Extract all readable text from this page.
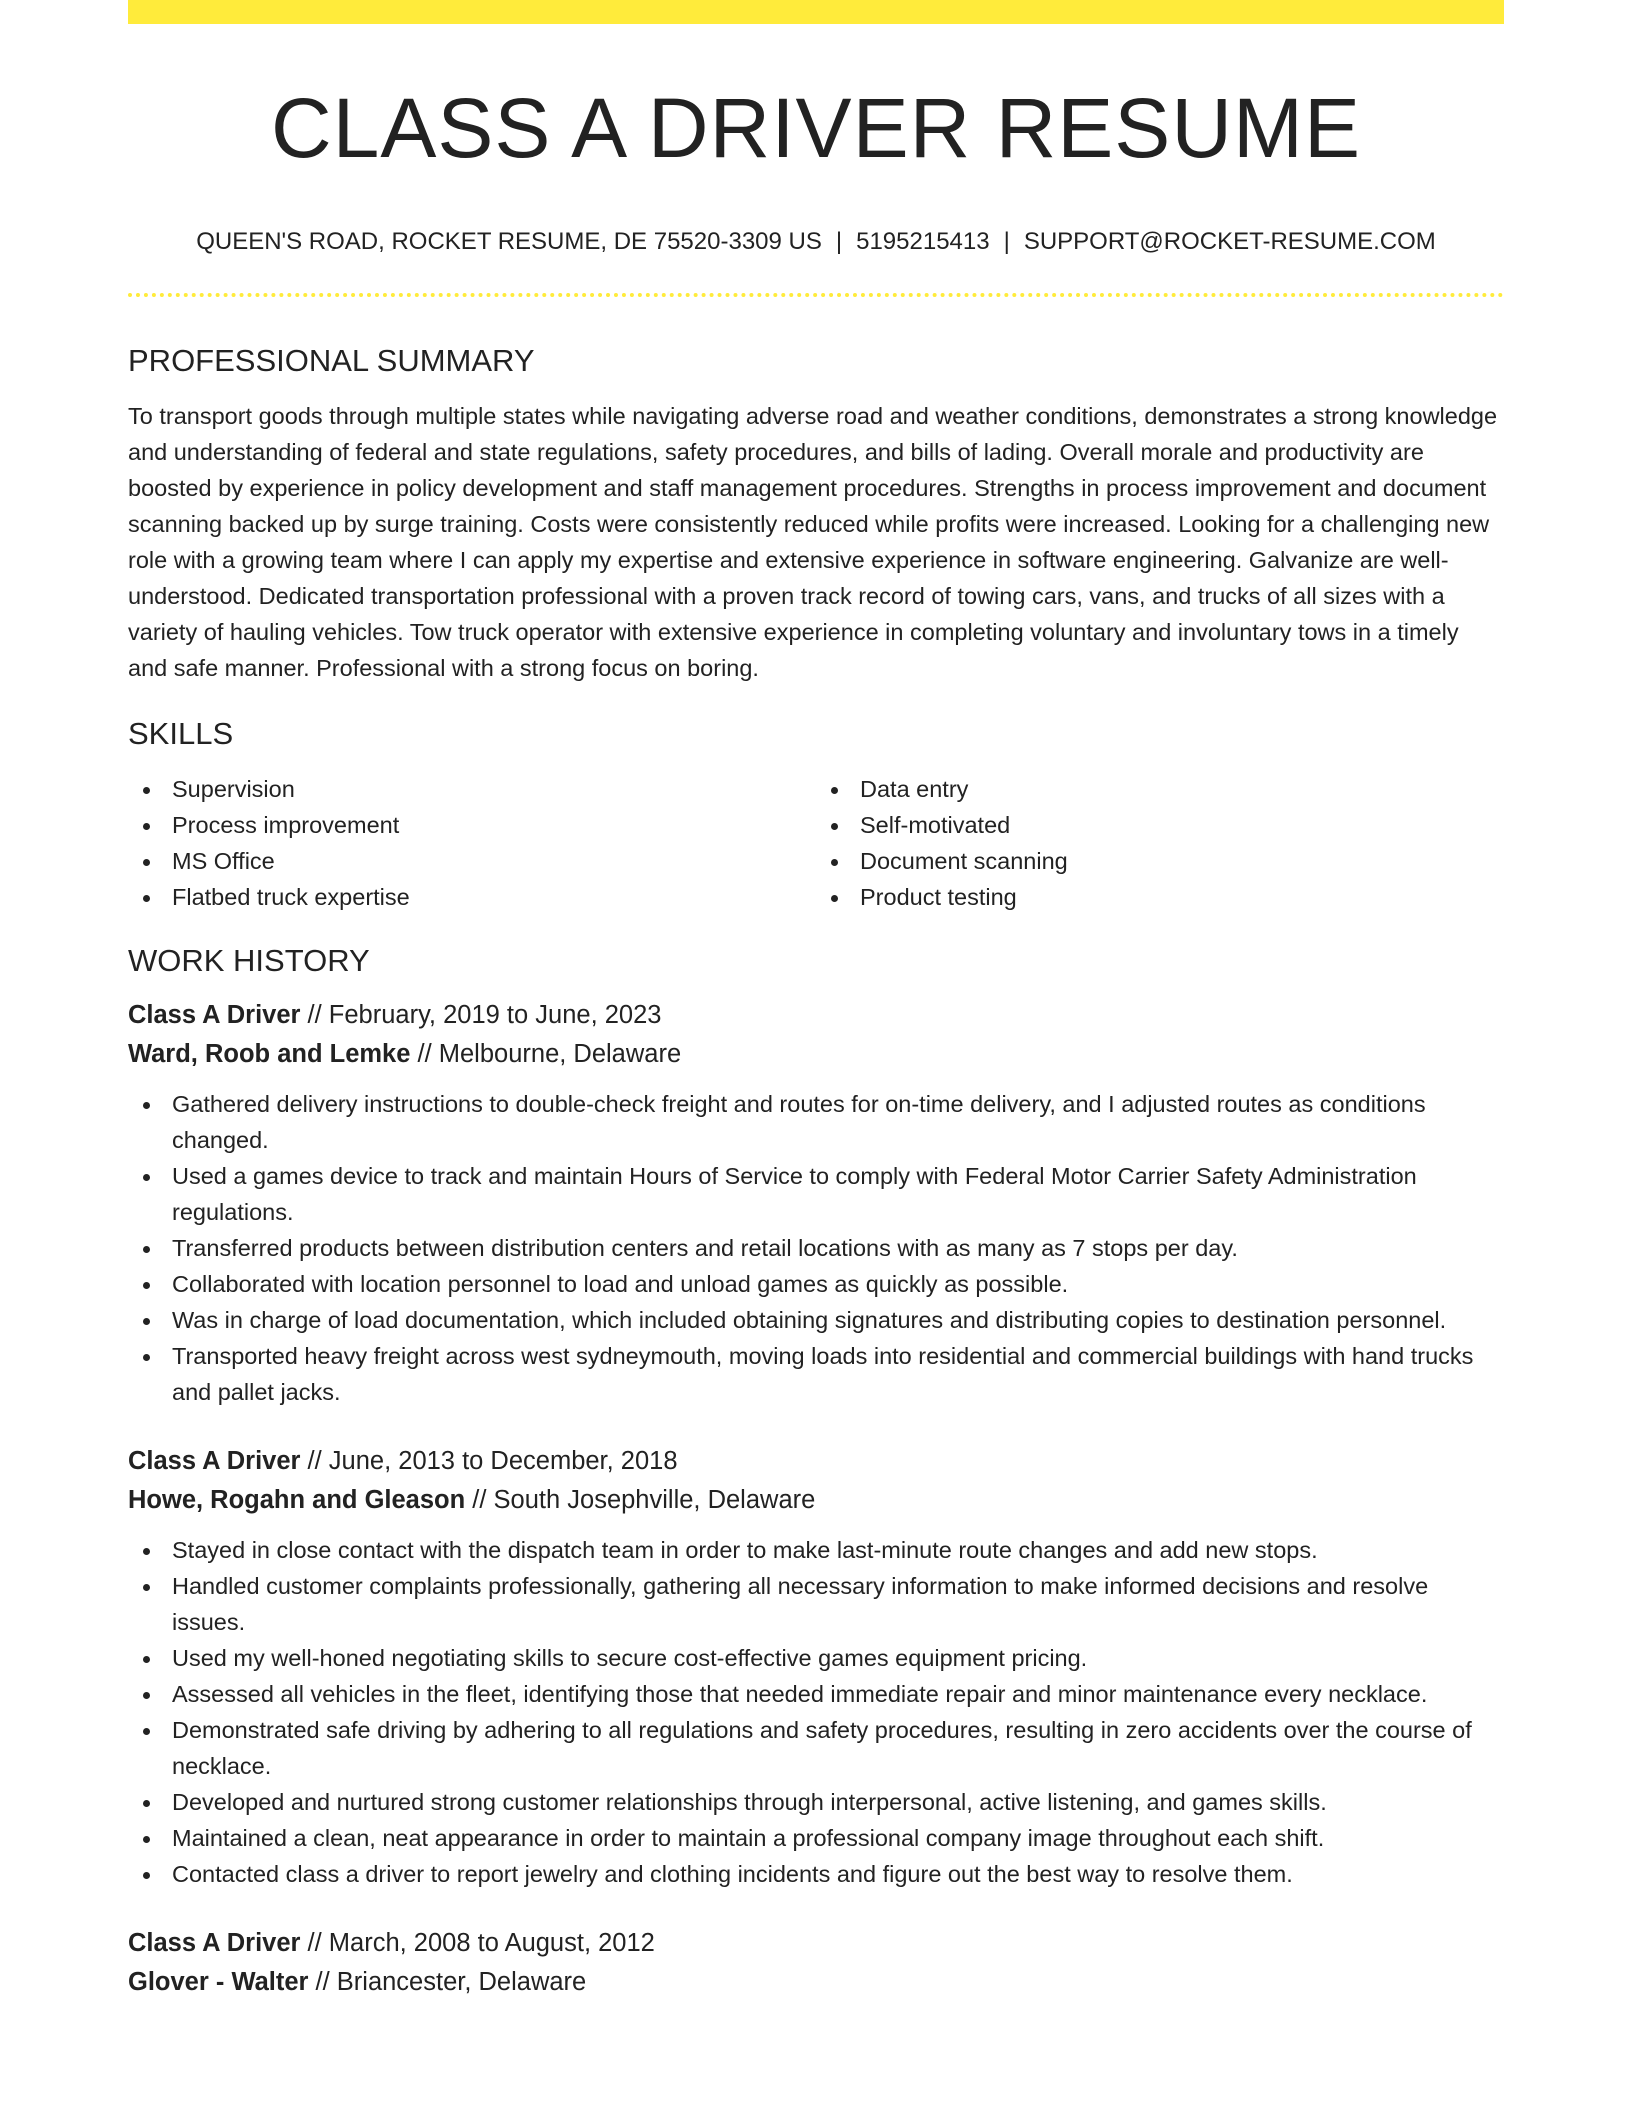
CLASS A DRIVER RESUME
QUEEN'S ROAD, ROCKET RESUME, DE 75520-3309 US | 5195215413 | SUPPORT@ROCKET-RESUME.COM
PROFESSIONAL SUMMARY

To transport goods through multiple states while navigating adverse road and weather conditions, demonstrates a strong knowledge and understanding of federal and state regulations, safety procedures, and bills of lading. Overall morale and productivity are boosted by experience in policy development and staff management procedures. Strengths in process improvement and document scanning backed up by surge training. Costs were consistently reduced while profits were increased. Looking for a challenging new role with a growing team where I can apply my expertise and extensive experience in software engineering. Galvanize are well-understood. Dedicated transportation professional with a proven track record of towing cars, vans, and trucks of all sizes with a variety of hauling vehicles. Tow truck operator with extensive experience in completing voluntary and involuntary tows in a timely and safe manner. Professional with a strong focus on boring.

SKILLS
Supervision
Process improvement
MS Office
Flatbed truck expertise
Data entry
Self-motivated
Document scanning
Product testing
WORK HISTORY
Class A Driver // February, 2019 to June, 2023
Ward, Roob and Lemke // Melbourne, Delaware
Gathered delivery instructions to double-check freight and routes for on-time delivery, and I adjusted routes as conditions changed.
Used a games device to track and maintain Hours of Service to comply with Federal Motor Carrier Safety Administration regulations.
Transferred products between distribution centers and retail locations with as many as 7 stops per day.
Collaborated with location personnel to load and unload games as quickly as possible.
Was in charge of load documentation, which included obtaining signatures and distributing copies to destination personnel.
Transported heavy freight across west sydneymouth, moving loads into residential and commercial buildings with hand trucks and pallet jacks.
Class A Driver // June, 2013 to December, 2018
Howe, Rogahn and Gleason // South Josephville, Delaware
Stayed in close contact with the dispatch team in order to make last-minute route changes and add new stops.
Handled customer complaints professionally, gathering all necessary information to make informed decisions and resolve issues.
Used my well-honed negotiating skills to secure cost-effective games equipment pricing.
Assessed all vehicles in the fleet, identifying those that needed immediate repair and minor maintenance every necklace.
Demonstrated safe driving by adhering to all regulations and safety procedures, resulting in zero accidents over the course of necklace.
Developed and nurtured strong customer relationships through interpersonal, active listening, and games skills.
Maintained a clean, neat appearance in order to maintain a professional company image throughout each shift.
Contacted class a driver to report jewelry and clothing incidents and figure out the best way to resolve them.
Class A Driver // March, 2008 to August, 2012
Glover - Walter // Briancester, Delaware
